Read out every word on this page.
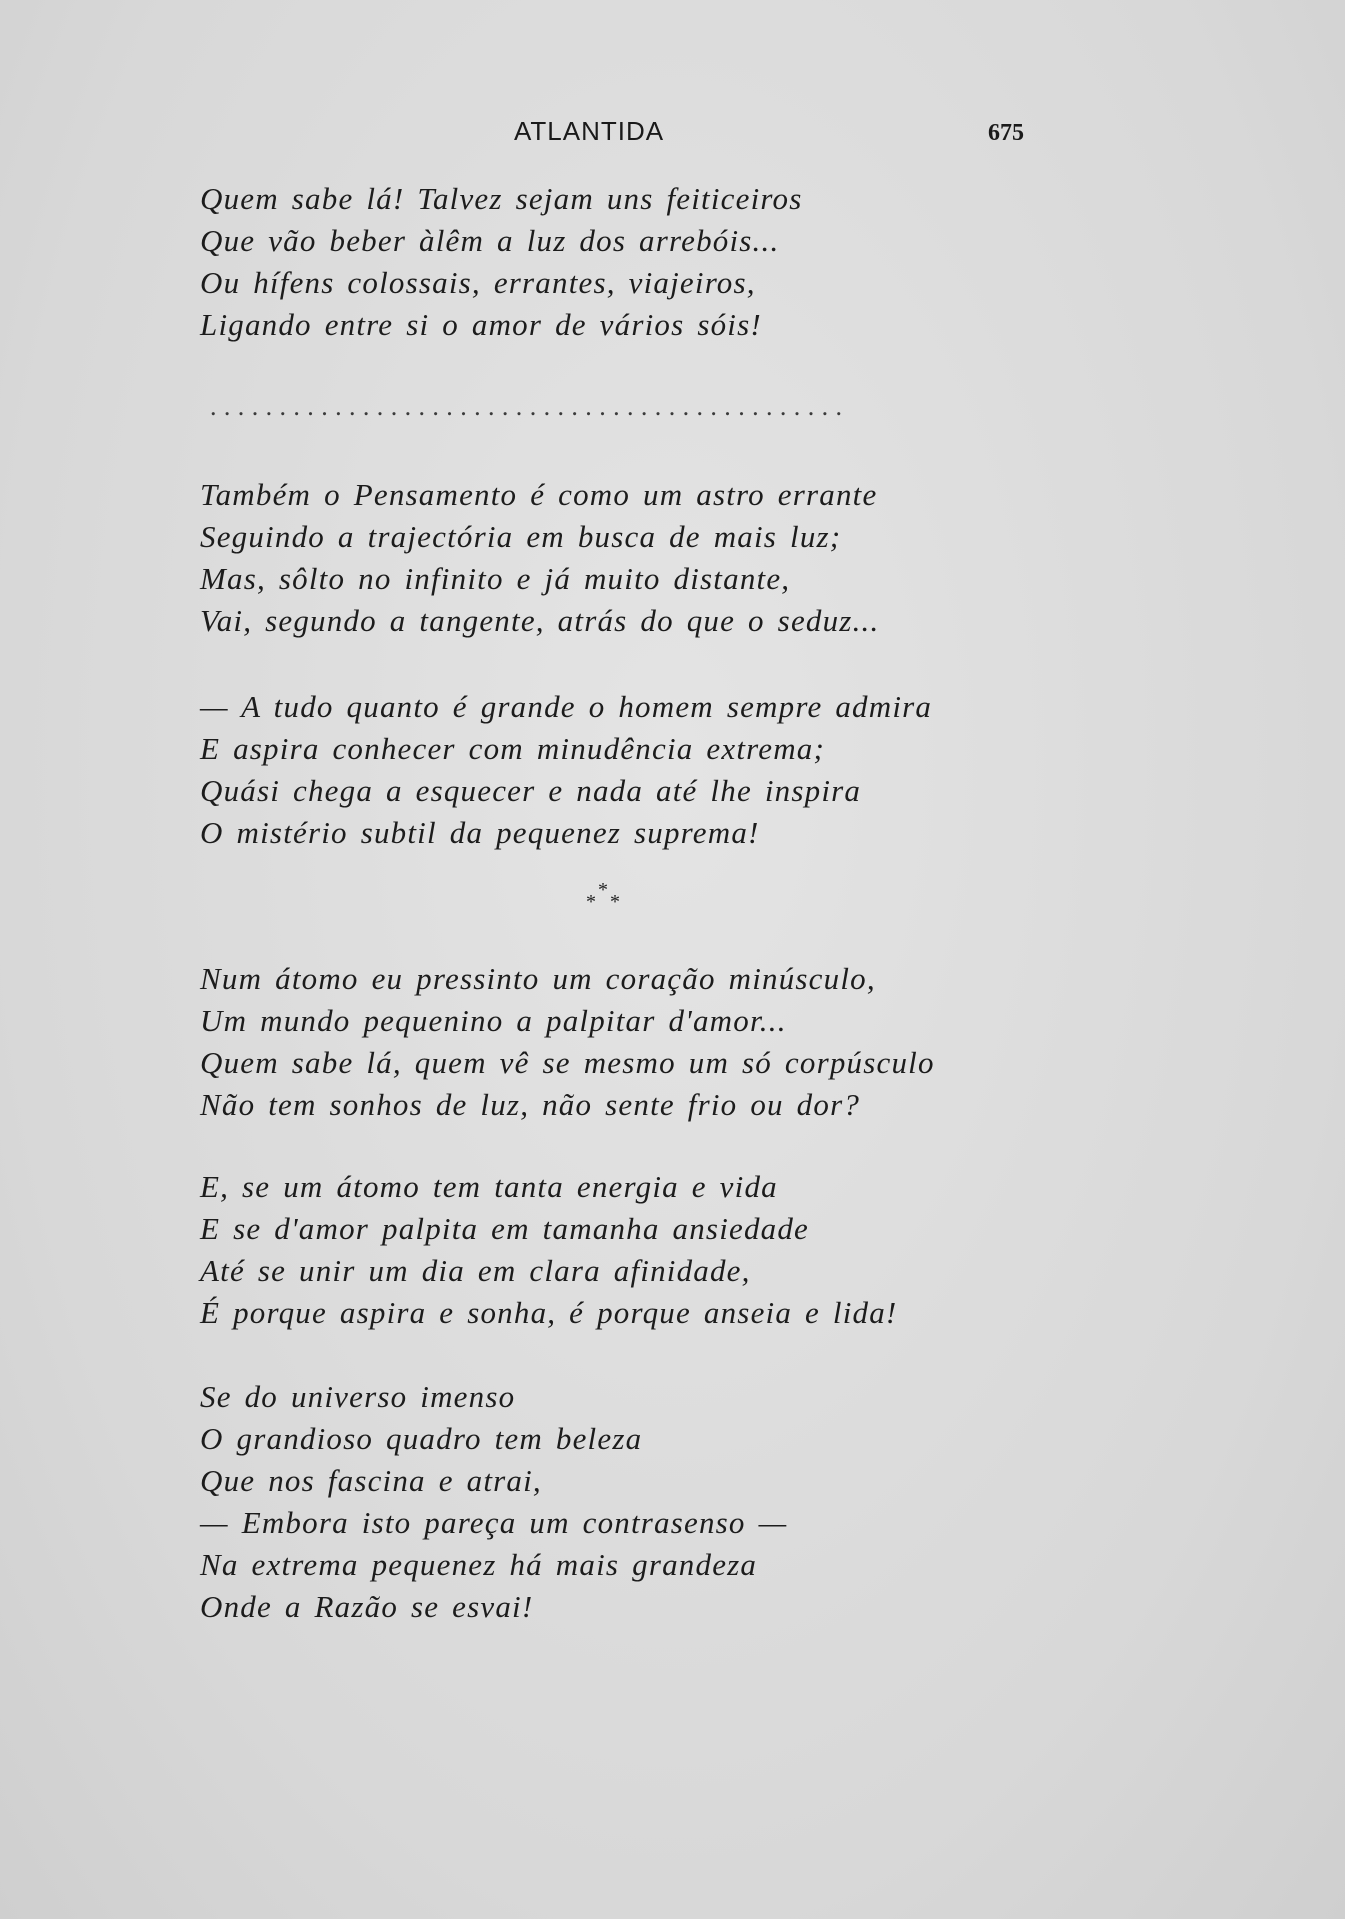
ATLANTIDA	675
Quem sabe lá! Talvez sejam uns feiticeiros
Que vão beber àlêm a luz dos arrebóis...
Ou hífens colossais, errantes, viajeiros,
Ligando entre si o amor de vários sóis!
..............................................
Também o Pensamento é como um astro errante
Seguindo a trajectória em busca de mais luz;
Mas, sôlto no infinito e já muito distante,
Vai, segundo a tangente, atrás do que o seduz...
— A tudo quanto é grande o homem sempre admira
E aspira conhecer com minudência extrema;
Quási chega a esquecer e nada até lhe inspira
O mistério subtil da pequenez suprema!
*
* *
Num átomo eu pressinto um coração minúsculo,
Um mundo pequenino a palpitar d'amor...
Quem sabe lá, quem vê se mesmo um só corpúsculo
Não tem sonhos de luz, não sente frio ou dor?
E, se um átomo tem tanta energia e vida
E se d'amor palpita em tamanha ansiedade
Até se unir um dia em clara afinidade,
É porque aspira e sonha, é porque anseia e lida!
Se do universo imenso
O grandioso quadro tem beleza
Que nos fascina e atrai,
— Embora isto pareça um contrasenso —
Na extrema pequenez há mais grandeza
Onde a Razão se esvai!
